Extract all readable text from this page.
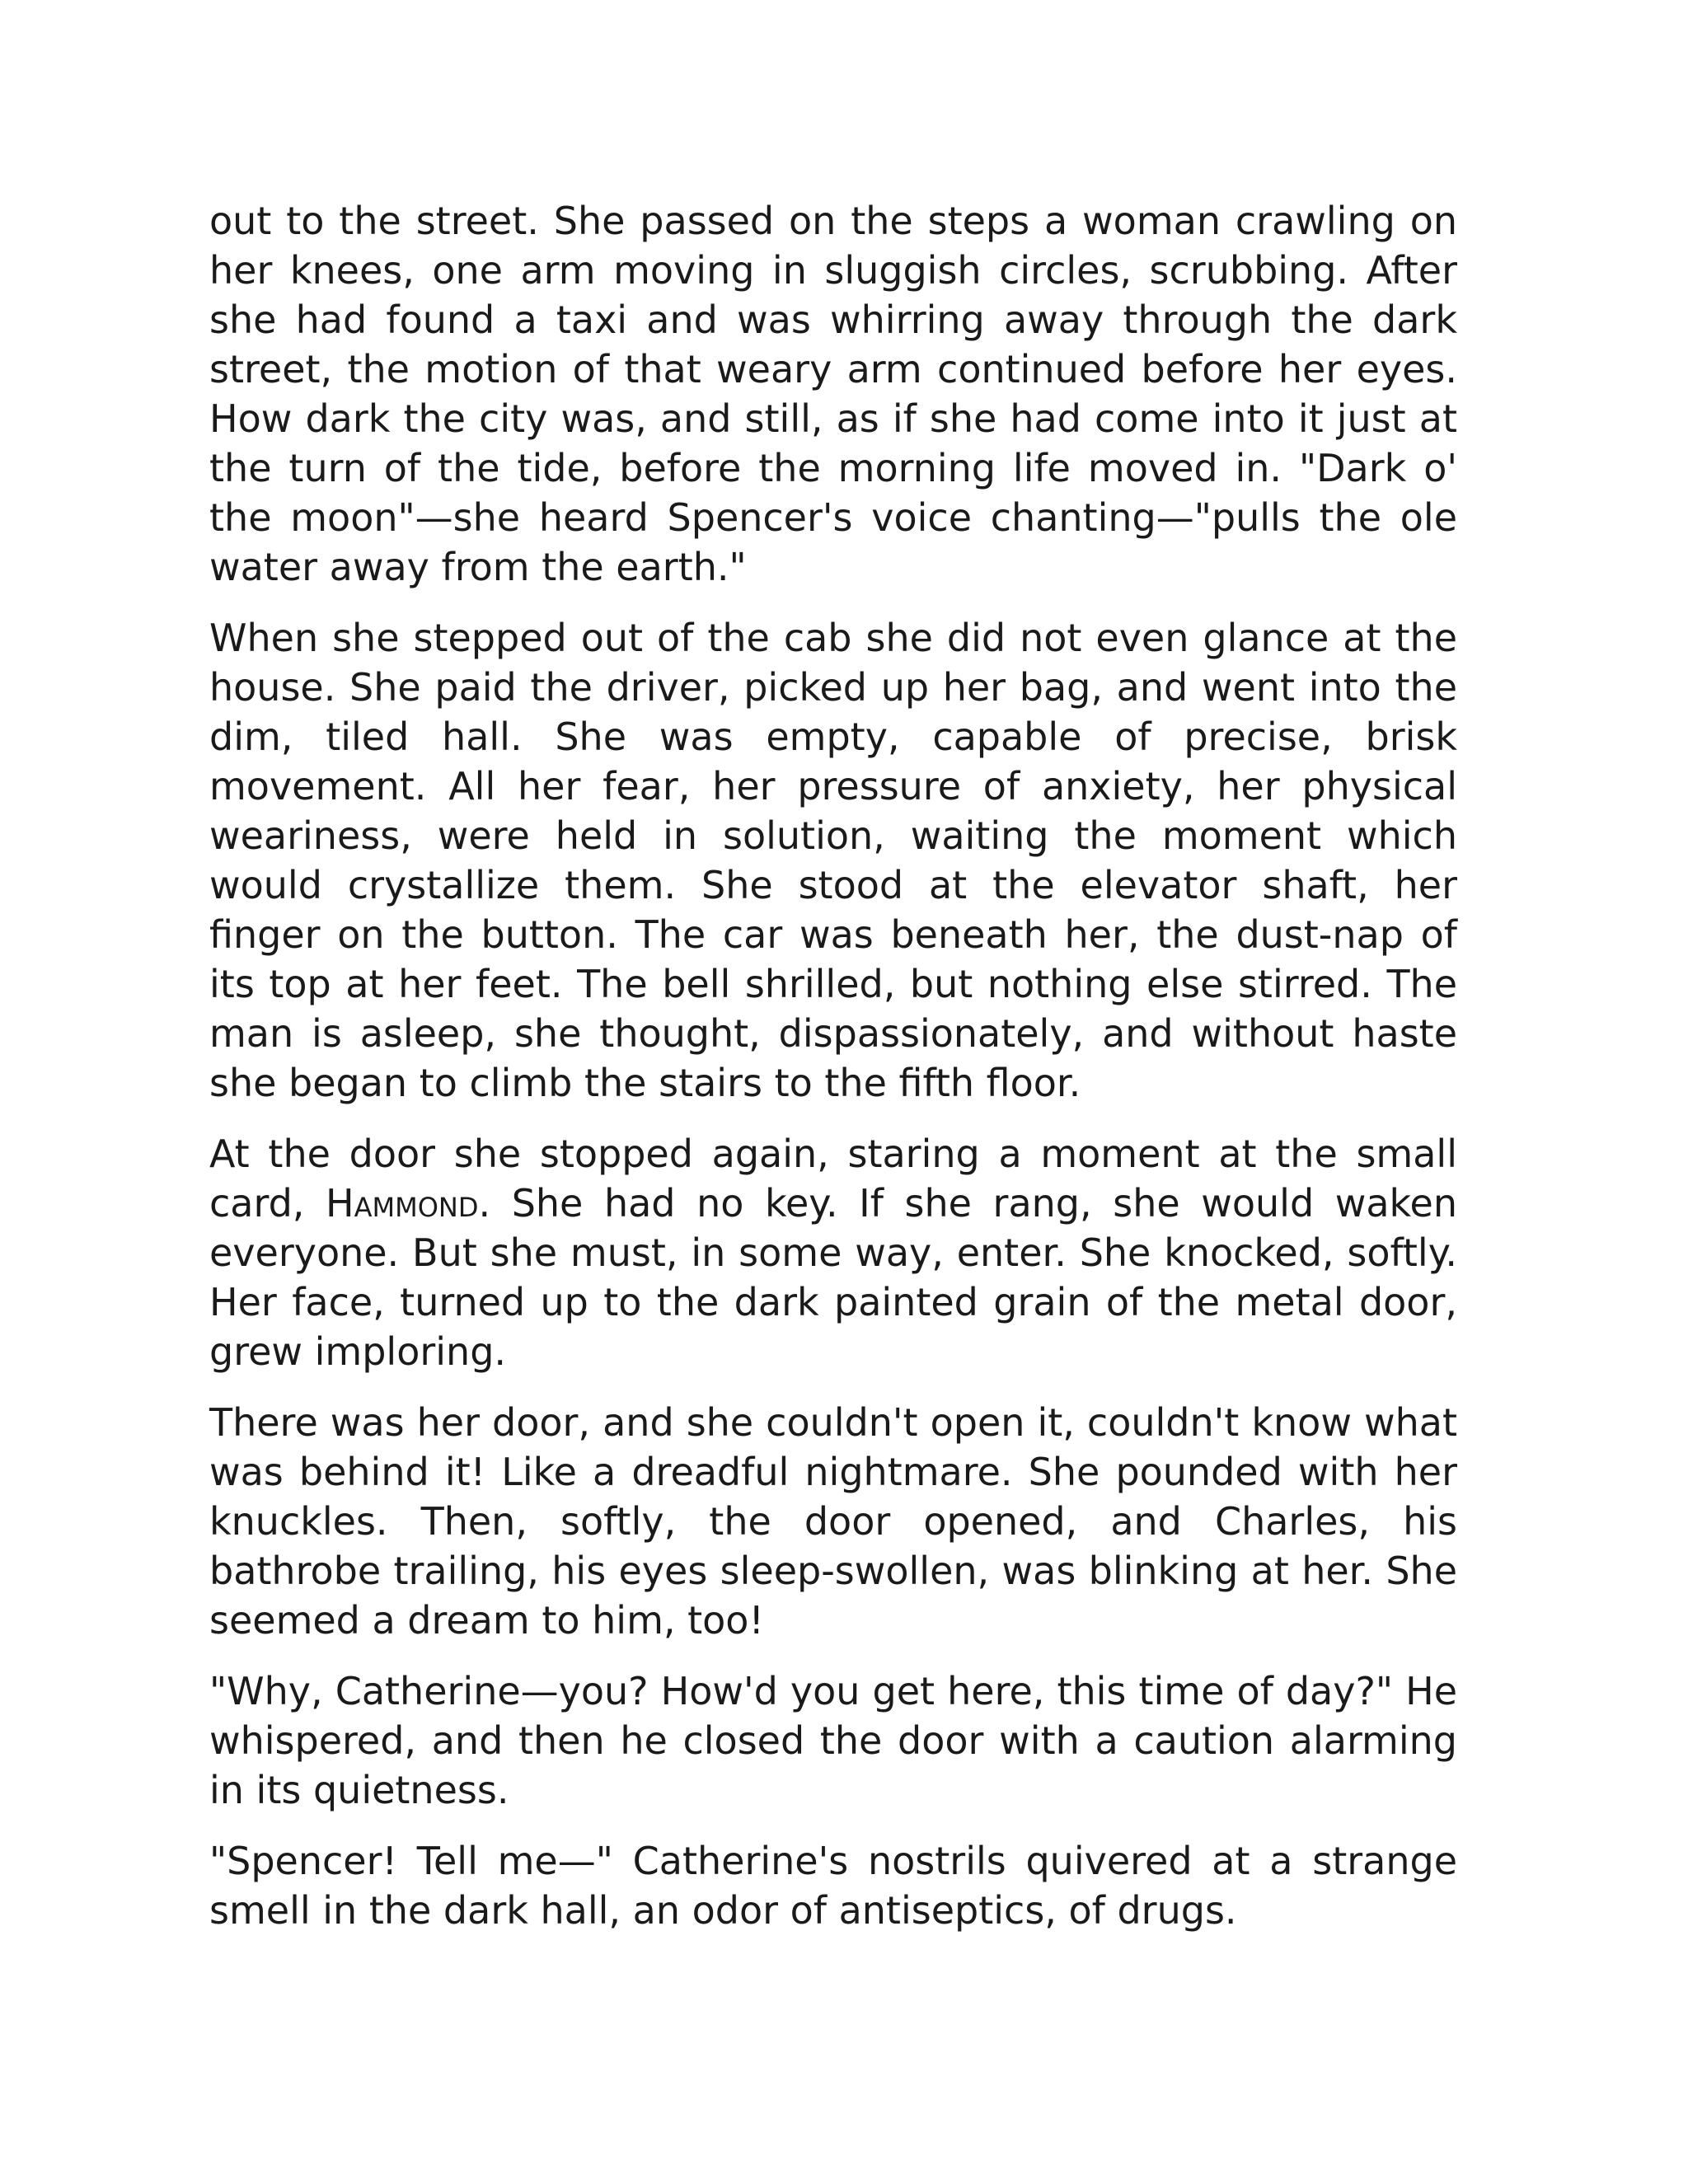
out to the street. She passed on the steps a woman crawling on her knees, one arm moving in sluggish circles, scrubbing. After she had found a taxi and was whirring away through the dark street, the motion of that weary arm continued before her eyes. How dark the city was, and still, as if she had come into it just at the turn of the tide, before the morning life moved in. "Dark o' the moon"—she heard Spencer's voice chanting—"pulls the ole water away from the earth."

When she stepped out of the cab she did not even glance at the house. She paid the driver, picked up her bag, and went into the dim, tiled hall. She was empty, capable of precise, brisk movement. All her fear, her pressure of anxiety, her physical weariness, were held in solution, waiting the moment which would crystallize them. She stood at the elevator shaft, her finger on the button. The car was beneath her, the dust-nap of its top at her feet. The bell shrilled, but nothing else stirred. The man is asleep, she thought, dispassionately, and without haste she began to climb the stairs to the fifth floor.

At the door she stopped again, staring a moment at the small card, Hammond. She had no key. If she rang, she would waken everyone. But she must, in some way, enter. She knocked, softly. Her face, turned up to the dark painted grain of the metal door, grew imploring.

There was her door, and she couldn't open it, couldn't know what was behind it! Like a dreadful nightmare. She pounded with her knuckles. Then, softly, the door opened, and Charles, his bathrobe trailing, his eyes sleep-swollen, was blinking at her. She seemed a dream to him, too!

"Why, Catherine—you? How'd you get here, this time of day?" He whispered, and then he closed the door with a caution alarming in its quietness.

"Spencer! Tell me—" Catherine's nostrils quivered at a strange smell in the dark hall, an odor of antiseptics, of drugs.
